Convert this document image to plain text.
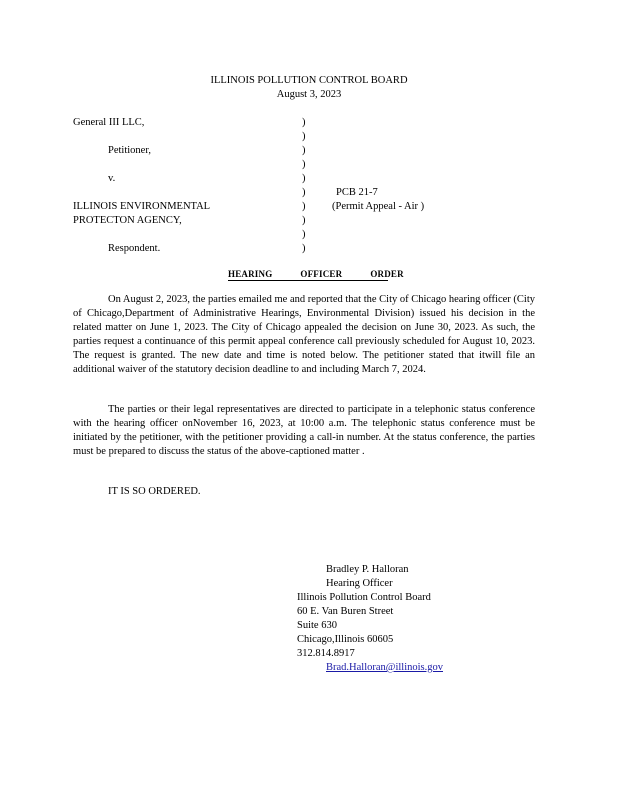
ILLINOIS POLLUTION CONTROL BOARD
August 3, 2023
General III LLC,
Petitioner,
v.
ILLINOIS ENVIRONMENTAL
PROTECTON AGENCY,
Respondent.
)
)
)
)
)
)
)
)
)
)
PCB 21-7
(Permit Appeal - Air )
HEARING	OFFICER	ORDER
On August 2, 2023, the parties emailed me and reported that the City of Chicago hearing officer (City of Chicago,Department of Administrative Hearings, Environmental Division) issued his decision in the related matter on June 1, 2023. The City of Chicago appealed the decision on June 30, 2023. As such, the parties request a continuance of this permit appeal conference call previously scheduled for August 10, 2023. The request is granted. The new date and time is noted below. The petitioner stated that itwill file an additional waiver of the statutory decision deadline to and including March 7, 2024.
The parties or their legal representatives are directed to participate in a telephonic status conference with the hearing officer onNovember 16, 2023, at 10:00 a.m. The telephonic status conference must be initiated by the petitioner, with the petitioner providing a call-in number. At the status conference, the parties must be prepared to discuss the status of the above-captioned matter .
IT IS SO ORDERED.
Bradley P. Halloran
Hearing Officer
Illinois Pollution Control Board
60 E. Van Buren Street
Suite 630
Chicago,Illinois 60605
312.814.8917
Brad.Halloran@illinois.gov
